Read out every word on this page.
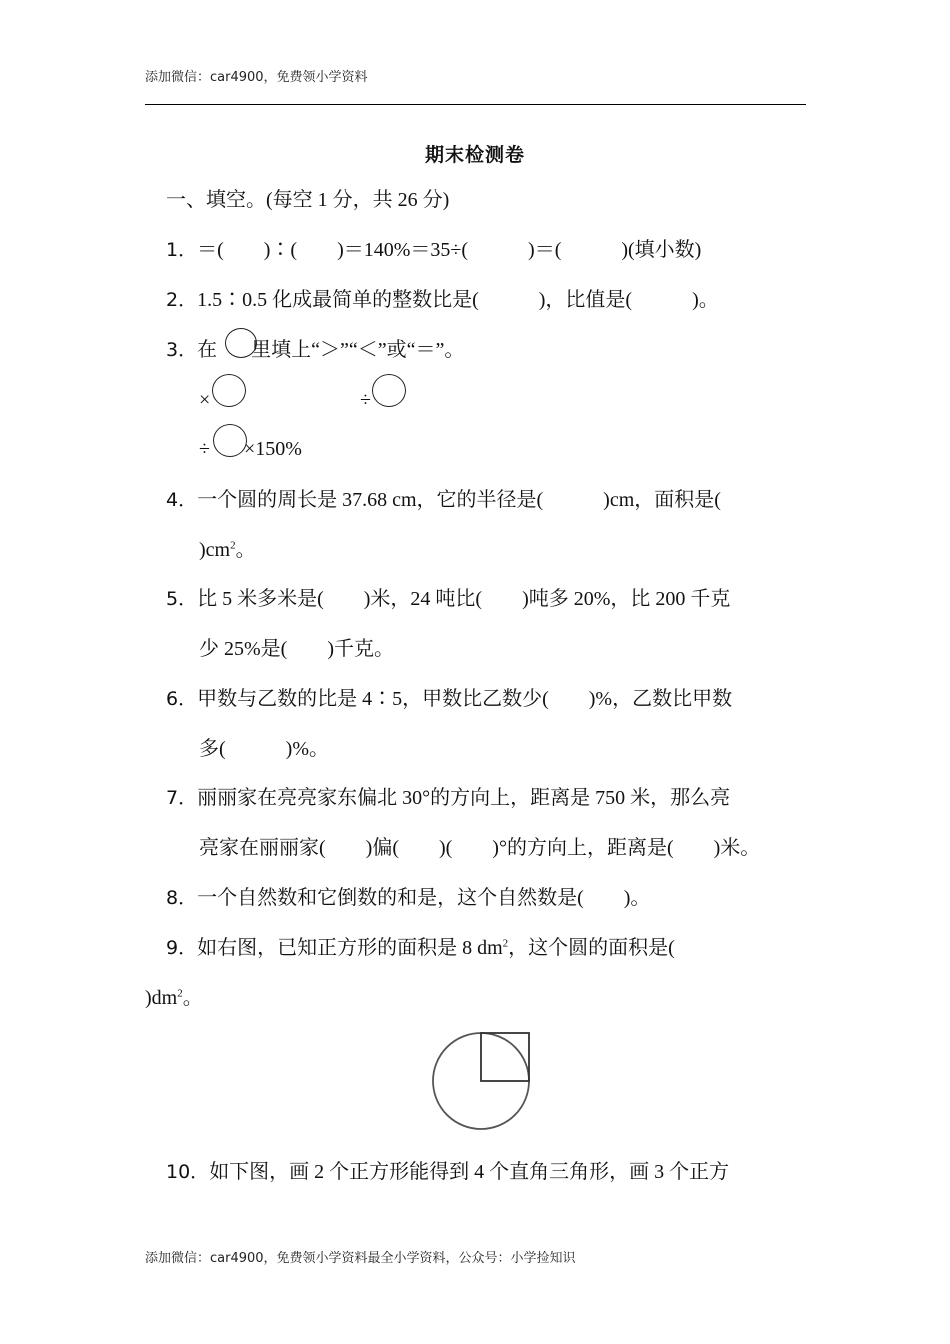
添加微信：car4900，免费领小学资料
期末检测卷
一、填空。(每空 1 分，共 26 分)
1．＝(　　)∶(　　)＝140%＝35÷(　　　)＝(　　　)(填小数)
2．1.5∶0.5 化成最简单的整数比是(　　　)，比值是(　　　)。
3．在 里填上“＞”“＜”或“＝”。
×	÷
÷ ×150%
4．一个圆的周长是 37.68 cm，它的半径是(　　　)cm，面积是(
)$cm^2$。
5．比 5 米多米是(　　)米，24 吨比(　　)吨多 20%，比 200 千克
少 25%是(　　)千克。
6．甲数与乙数的比是 4∶5，甲数比乙数少(　　)%，乙数比甲数
多(　　　)%。
7．丽丽家在亮亮家东偏北 30°的方向上，距离是 750 米，那么亮
亮家在丽丽家(　　)偏(　　)(　　)°的方向上，距离是(　　)米。
8．一个自然数和它倒数的和是，这个自然数是(　　)。
9．如右图，已知正方形的面积是 8 $dm^2$，这个圆的面积是(
)$dm^2$。
10．如下图，画 2 个正方形能得到 4 个直角三角形，画 3 个正方
添加微信：car4900，免费领小学资料最全小学资料，公众号：小学捡知识
